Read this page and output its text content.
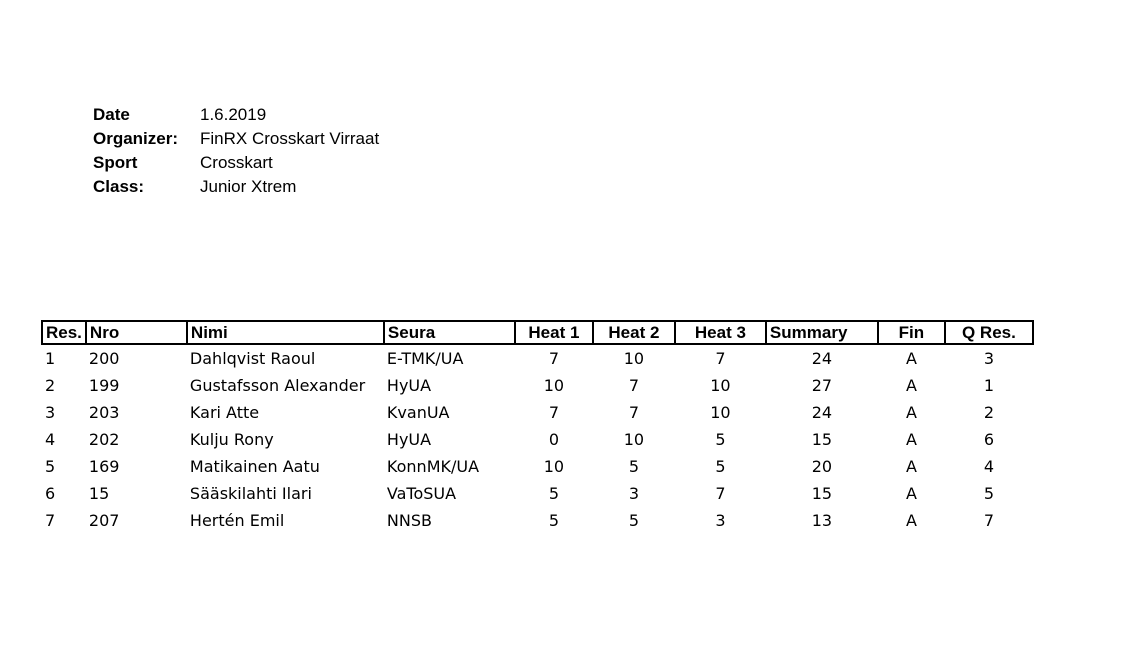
Date	1.6.2019
Organizer:	FinRX Crosskart Virraat
Sport	Crosskart
Class:	Junior Xtrem
Res.	Nro	Nimi	Seura	Heat 1	Heat 2	Heat 3	Summary	Fin	Q Res.
1	200	Dahlqvist Raoul	E-TMK/UA	7	10	7	24	A	3
2	199	Gustafsson Alexander	HyUA	10	7	10	27	A	1
3	203	Kari Atte	KvanUA	7	7	10	24	A	2
4	202	Kulju Rony	HyUA	0	10	5	15	A	6
5	169	Matikainen Aatu	KonnMK/UA	10	5	5	20	A	4
6	15	Sääskilahti Ilari	VaToSUA	5	3	7	15	A	5
7	207	Hertén Emil	NNSB	5	5	3	13	A	7
